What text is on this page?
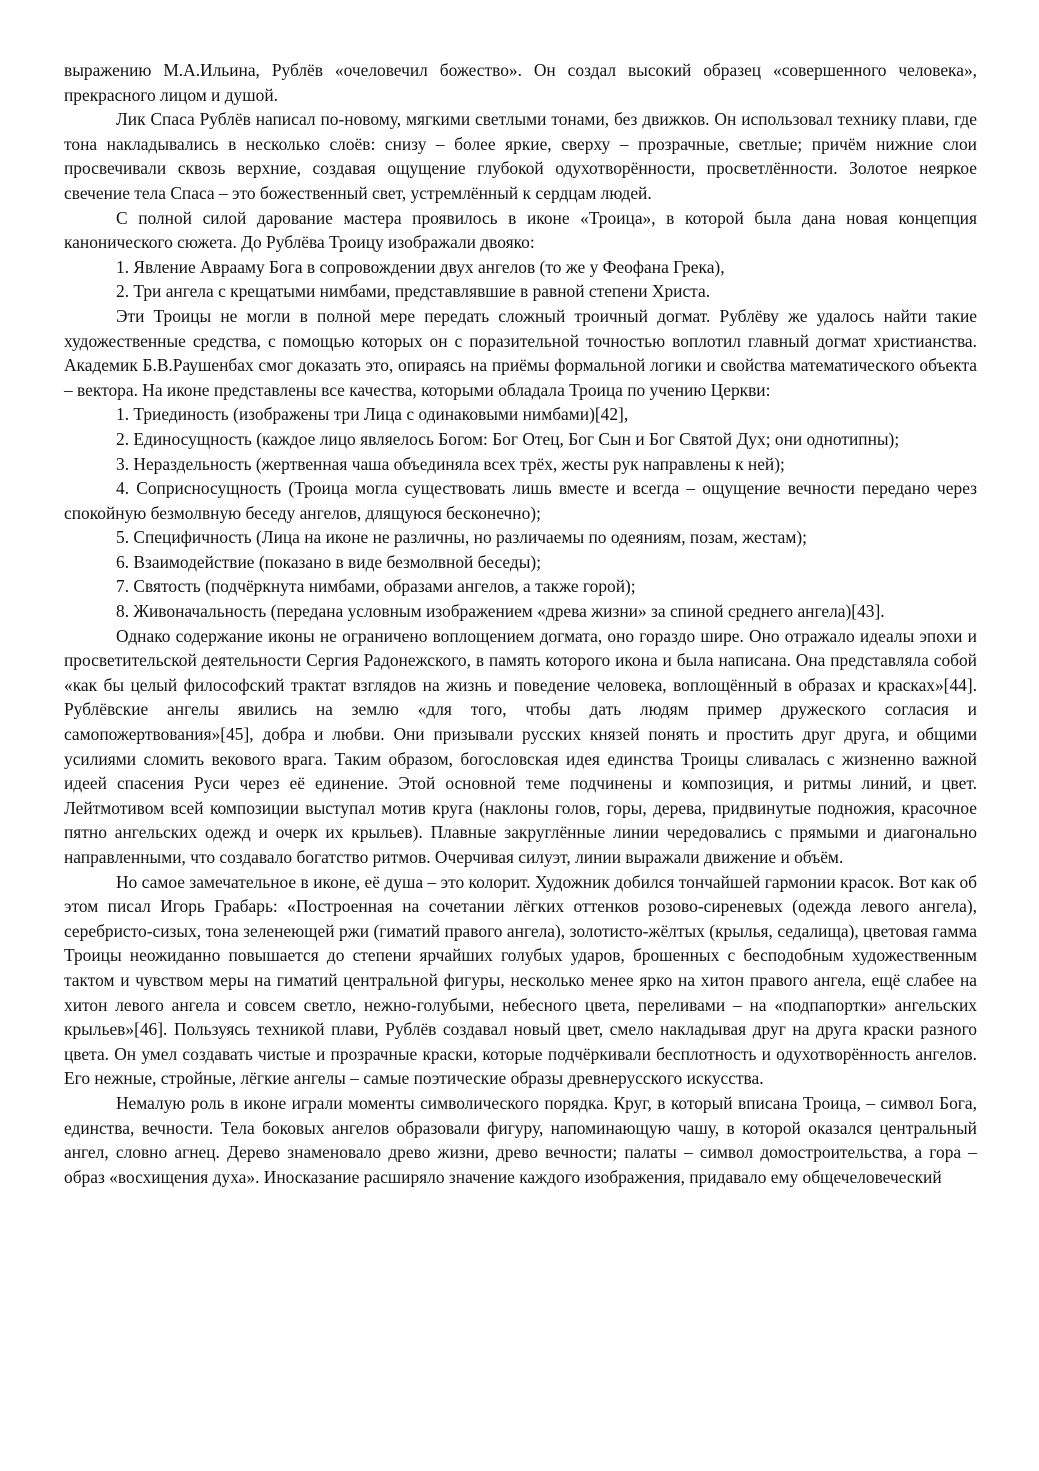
выражению М.А.Ильина, Рублёв «очеловечил божество». Он создал высокий образец «совершенного человека», прекрасного лицом и душой.

Лик Спаса Рублёв написал по-новому, мягкими светлыми тонами, без движков. Он использовал технику плави, где тона накладывались в несколько слоёв: снизу – более яркие, сверху – прозрачные, светлые; причём нижние слои просвечивали сквозь верхние, создавая ощущение глубокой одухотворённости, просветлённости. Золотое неяркое свечение тела Спаса – это божественный свет, устремлённый к сердцам людей.

С полной силой дарование мастера проявилось в иконе «Троица», в которой была дана новая концепция канонического сюжета. До Рублёва Троицу изображали двояко:

1. Явление Аврааму Бога в сопровождении двух ангелов (то же у Феофана Грека),

2. Три ангела с крещатыми нимбами, представлявшие в равной степени Христа.

Эти Троицы не могли в полной мере передать сложный троичный догмат. Рублёву же удалось найти такие художественные средства, с помощью которых он с поразительной точностью воплотил главный догмат христианства. Академик Б.В.Раушенбах смог доказать это, опираясь на приёмы формальной логики и свойства математического объекта – вектора. На иконе представлены все качества, которыми обладала Троица по учению Церкви:

1. Триединость (изображены три Лица с одинаковыми нимбами)[42],

2. Единосущность (каждое лицо являелось Богом: Бог Отец, Бог Сын и Бог Святой Дух; они однотипны);

3. Нераздельность (жертвенная чаша объединяла всех трёх, жесты рук направлены к ней);

4. Соприсносущность (Троица могла существовать лишь вместе и всегда – ощущение вечности передано через спокойную безмолвную беседу ангелов, длящуюся бесконечно);

5. Специфичность (Лица на иконе не различны, но различаемы по одеяниям, позам, жестам);

6. Взаимодействие (показано в виде безмолвной беседы);

7. Святость (подчёркнута нимбами, образами ангелов, а также горой);

8. Живоначальность (передана условным изображением «древа жизни» за спиной среднего ангела)[43].

Однако содержание иконы не ограничено воплощением догмата, оно гораздо шире. Оно отражало идеалы эпохи и просветительской деятельности Сергия Радонежского, в память которого икона и была написана. Она представляла собой «как бы целый философский трактат взглядов на жизнь и поведение человека, воплощённый в образах и красках»[44]. Рублёвские ангелы явились на землю «для того, чтобы дать людям пример дружеского согласия и самопожертвования»[45], добра и любви. Они призывали русских князей понять и простить друг друга, и общими усилиями сломить векового врага. Таким образом, богословская идея единства Троицы сливалась с жизненно важной идеей спасения Руси через её единение. Этой основной теме подчинены и композиция, и ритмы линий, и цвет. Лейтмотивом всей композиции выступал мотив круга (наклоны голов, горы, дерева, придвинутые подножия, красочное пятно ангельских одежд и очерк их крыльев). Плавные закруглённые линии чередовались с прямыми и диагонально направленными, что создавало богатство ритмов. Очерчивая силуэт, линии выражали движение и объём.

Но самое замечательное в иконе, её душа – это колорит. Художник добился тончайшей гармонии красок. Вот как об этом писал Игорь Грабарь: «Построенная на сочетании лёгких оттенков розово-сиреневых (одежда левого ангела), серебристо-сизых, тона зеленеющей ржи (гиматий правого ангела), золотисто-жёлтых (крылья, седалища), цветовая гамма Троицы неожиданно повышается до степени ярчайших голубых ударов, брошенных с бесподобным художественным тактом и чувством меры на гиматий центральной фигуры, несколько менее ярко на хитон правого ангела, ещё слабее на хитон левого ангела и совсем светло, нежно-голубыми, небесного цвета, переливами – на «подпапортки» ангельских крыльев»[46]. Пользуясь техникой плави, Рублёв создавал новый цвет, смело накладывая друг на друга краски разного цвета. Он умел создавать чистые и прозрачные краски, которые подчёркивали бесплотность и одухотворённость ангелов. Его нежные, стройные, лёгкие ангелы – самые поэтические образы древнерусского искусства.

Немалую роль в иконе играли моменты символического порядка. Круг, в который вписана Троица, – символ Бога, единства, вечности. Тела боковых ангелов образовали фигуру, напоминающую чашу, в которой оказался центральный ангел, словно агнец. Дерево знаменовало древо жизни, древо вечности; палаты – символ домостроительства, а гора – образ «восхищения духа». Иносказание расширяло значение каждого изображения, придавало ему общечеловеческий
